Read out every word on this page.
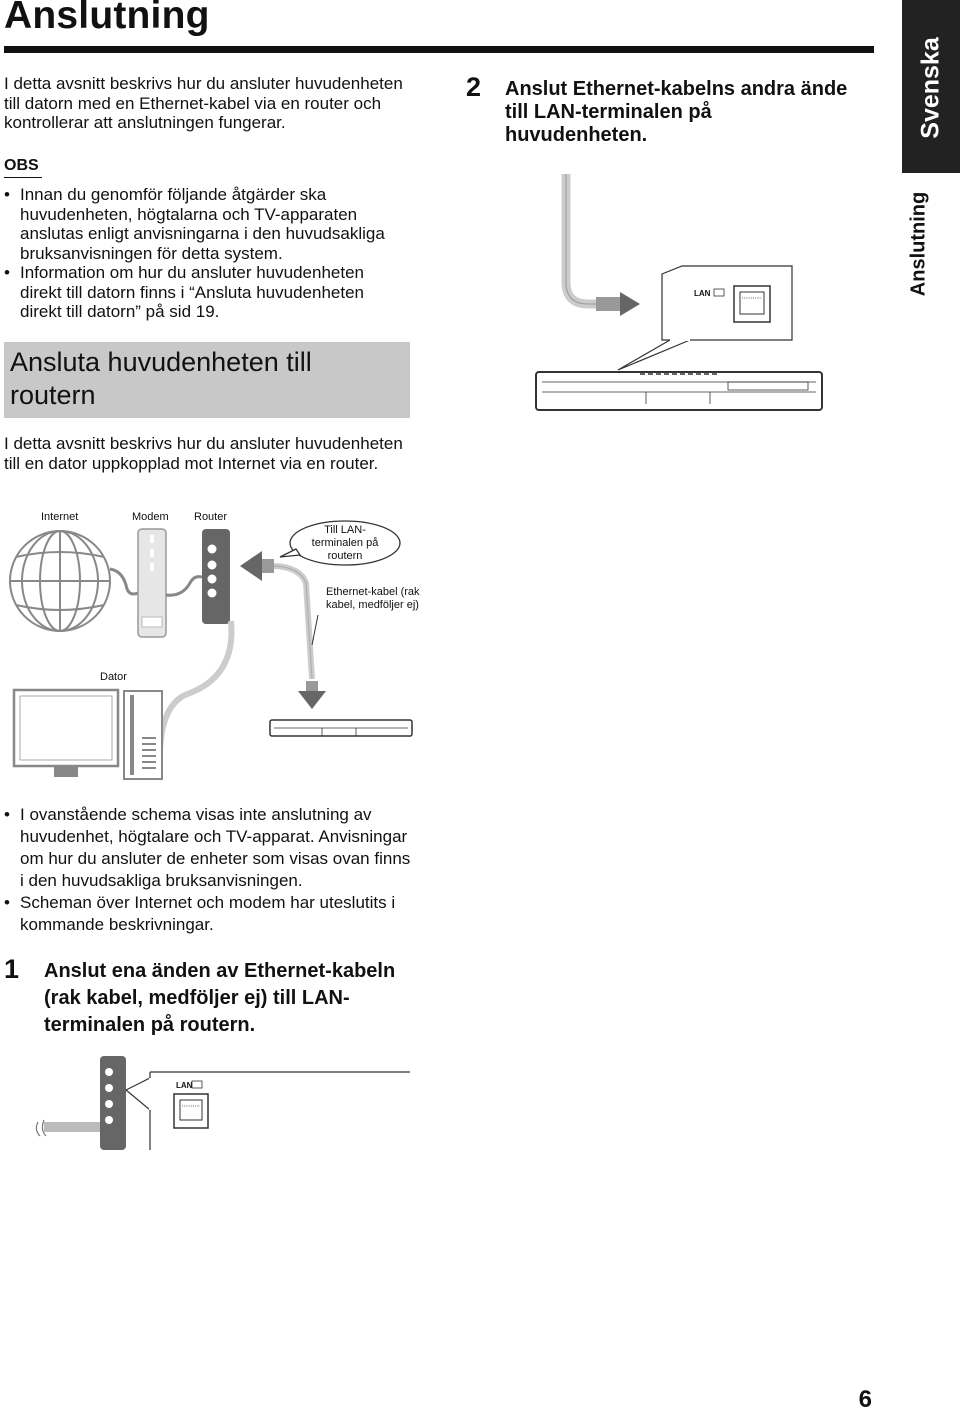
Anslutning
Svenska
Anslutning
I detta avsnitt beskrivs hur du ansluter huvudenheten till datorn med en Ethernet-kabel via en router och kontrollerar att anslutningen fungerar.
OBS
• Innan du genomför följande åtgärder ska huvudenheten, högtalarna och TV-apparaten anslutas enligt anvisningarna i den huvudsakliga bruksanvisningen för detta system.
• Information om hur du ansluter huvudenheten direkt till datorn finns i “Ansluta huvudenheten direkt till datorn” på sid 19.
Ansluta huvudenheten till routern
I detta avsnitt beskrivs hur du ansluter huvudenheten till en dator uppkopplad mot Internet via en router.
Internet	Modem Router
Till LAN-terminalen på routern
Ethernet-kabel (rak kabel, medföljer ej)
Dator
• I ovanstående schema visas inte anslutning av huvudenhet, högtalare och TV-apparat. Anvisningar om hur du ansluter de enheter som visas ovan finns i den huvudsakliga bruksanvisningen.
• Scheman över Internet och modem har uteslutits i kommande beskrivningar.
1 Anslut ena änden av Ethernet-kabeln (rak kabel, medföljer ej) till LAN-terminalen på routern.
LAN
2 Anslut Ethernet-kabelns andra ände till LAN-terminalen på huvudenheten.
LAN
6
